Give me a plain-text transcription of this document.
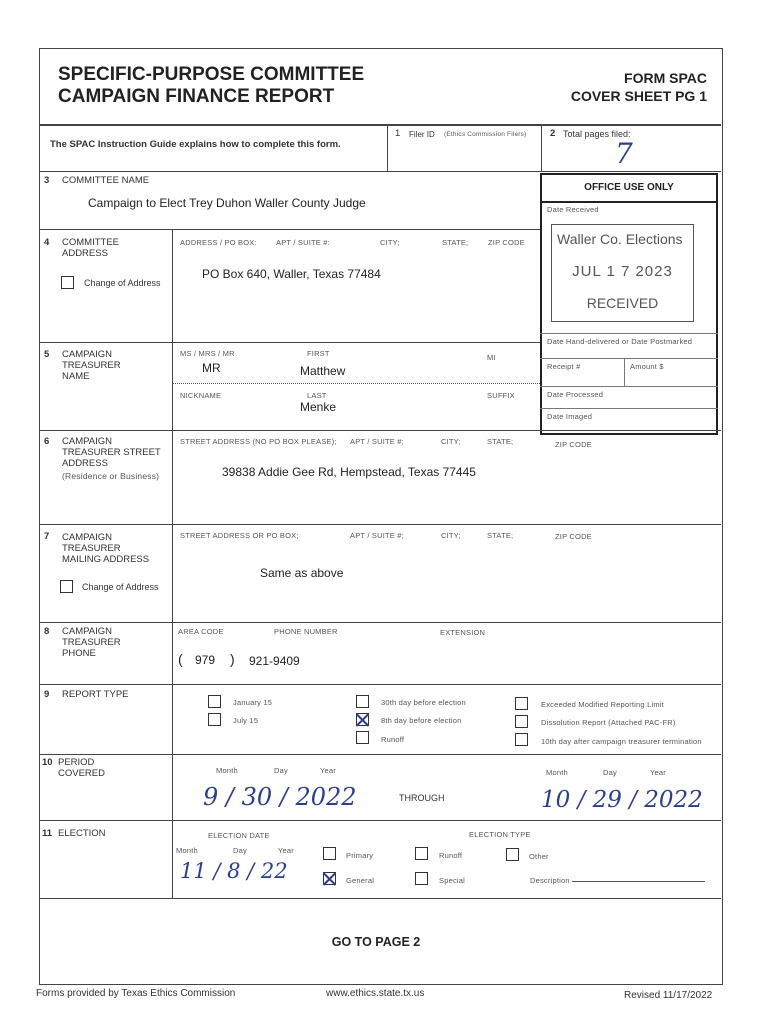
SPECIFIC-PURPOSE COMMITTEE
CAMPAIGN FINANCE REPORT
FORM SPAC
COVER SHEET PG 1
The SPAC Instruction Guide explains how to complete this form.
1 Filer ID (Ethics Commission Filers) 2 Total pages filed:
7
3 COMMITTEE NAME
Campaign to Elect Trey Duhon Waller County Judge
OFFICE USE ONLY
Date Received
Waller Co. Elections
JUL 1 7 2023
RECEIVED
Date Hand-delivered or Date Postmarked
Receipt #	Amount $
Date Processed
Date Imaged
4 COMMITTEE ADDRESS
Change of Address
ADDRESS / PO BOX:	APT / SUITE #:	CITY;	STATE;	ZIP CODE
PO Box 640, Waller, Texas 77484
5 CAMPAIGN TREASURER NAME
MS / MRS / MR	FIRST	MI
MR	Matthew
NICKNAME	LAST	SUFFIX
Menke
6 CAMPAIGN TREASURER STREET ADDRESS
(Residence or Business)
STREET ADDRESS (NO PO BOX PLEASE); APT / SUITE #;	CITY;	STATE;	ZIP CODE
39838 Addie Gee Rd, Hempstead, Texas 77445
7 CAMPAIGN TREASURER MAILING ADDRESS
Change of Address
STREET ADDRESS OR PO BOX;	APT / SUITE #;	CITY;	STATE;	ZIP CODE
Same as above
8 CAMPAIGN TREASURER PHONE
AREA CODE	PHONE NUMBER	EXTENSION
( 979 ) 921-9409
9 REPORT TYPE
January 15
July 15
30th day before election
8th day before election
Runoff
Exceeded Modified Reporting Limit
Dissolution Report (Attached PAC-FR)
10th day after campaign treasurer termination
10 PERIOD COVERED	Month	Day	Year
9 / 30 / 2022	THROUGH
Month	Day	Year
10 / 29 / 2022
11 ELECTION	ELECTION DATE
Month	Day	Year
11 / 8 / 22
ELECTION TYPE
Primary
General
Runoff
Special
Other
Description
GO TO PAGE 2
Forms provided by Texas Ethics Commission	www.ethics.state.tx.us	Revised 11/17/2022
